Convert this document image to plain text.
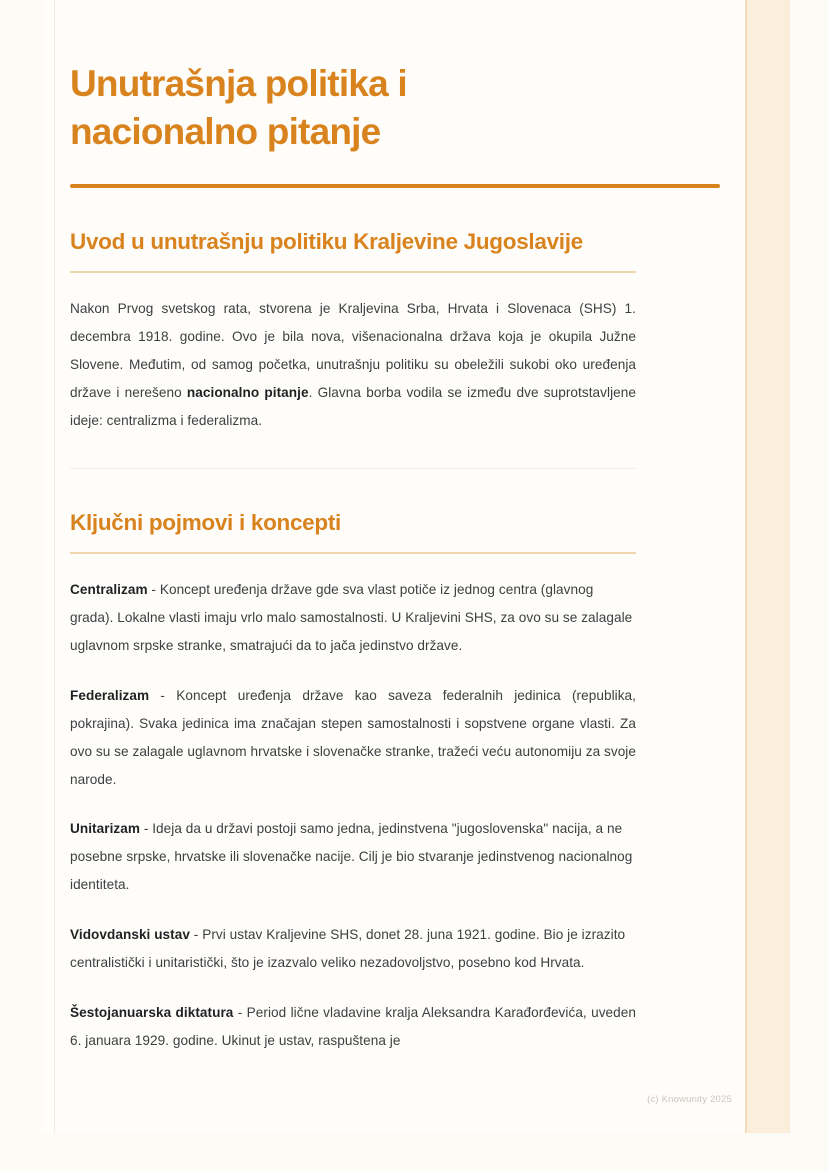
Unutrašnja politika i nacionalno pitanje
Uvod u unutrašnju politiku Kraljevine Jugoslavije

Nakon Prvog svetskog rata, stvorena je Kraljevina Srba, Hrvata i Slovenaca (SHS) 1. decembra 1918. godine. Ovo je bila nova, višenacionalna država koja je okupila Južne Slovene. Međutim, od samog početka, unutrašnju politiku su obeležili sukobi oko uređenja države i nerešeno nacionalno pitanje. Glavna borba vodila se između dve suprotstavljene ideje: centralizma i federalizma.

Ključni pojmovi i koncepti

Centralizam - Koncept uređenja države gde sva vlast potiče iz jednog centra (glavnog grada). Lokalne vlasti imaju vrlo malo samostalnosti. U Kraljevini SHS, za ovo su se zalagale uglavnom srpske stranke, smatrajući da to jača jedinstvo države.

Federalizam - Koncept uređenja države kao saveza federalnih jedinica (republika, pokrajina). Svaka jedinica ima značajan stepen samostalnosti i sopstvene organe vlasti. Za ovo su se zalagale uglavnom hrvatske i slovenačke stranke, tražeći veću autonomiju za svoje narode.

Unitarizam - Ideja da u državi postoji samo jedna, jedinstvena "jugoslovenska" nacija, a ne posebne srpske, hrvatske ili slovenačke nacije. Cilj je bio stvaranje jedinstvenog nacionalnog identiteta.

Vidovdanski ustav - Prvi ustav Kraljevine SHS, donet 28. juna 1921. godine. Bio je izrazito centralistički i unitaristički, što je izazvalo veliko nezadovoljstvo, posebno kod Hrvata.

Šestojanuarska diktatura - Period lične vladavine kralja Aleksandra Karađorđevića, uveden 6. januara 1929. godine. Ukinut je ustav, raspuštena je

(c) Knowunity 2025
